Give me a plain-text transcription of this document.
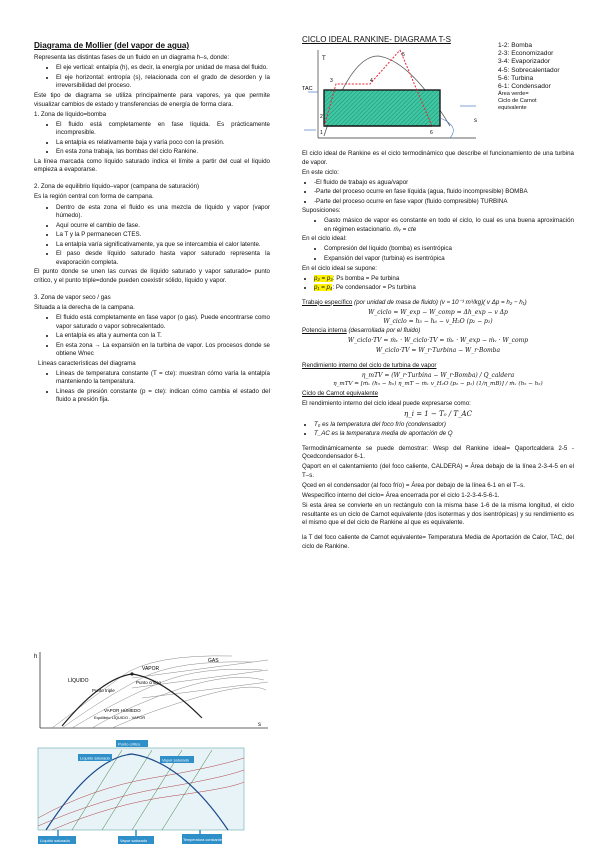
Diagrama de Mollier (del vapor de agua)

Representa las distintas fases de un fluido en un diagrama h–s, donde:

• El eje vertical: entalpía (h), es decir, la energía por unidad de masa del fluido.
• El eje horizontal: entropía (s), relacionada con el grado de desorden y la irreversibilidad del proceso.

Este tipo de diagrama se utiliza principalmente para vapores, ya que permite visualizar cambios de estado y transferencias de energía de forma clara.

1. Zona de líquido=bomba

• El fluido está completamente en fase líquida. Es prácticamente incompresible.
• La entalpía es relativamente baja y varía poco con la presión.
• En esta zona trabaja, las bombas del ciclo Rankine.

La línea marcada como líquido saturado indica el límite a partir del cual el líquido empieza a evaporarse.

2. Zona de equilibrio líquido–vapor (campana de saturación)

Es la región central con forma de campana.

• Dentro de esta zona el fluido es una mezcla de líquido y vapor (vapor húmedo).
• Aquí ocurre el cambio de fase.
• La T y la P permanecen CTES.
• La entalpía varía significativamente, ya que se intercambia el calor latente.
• El paso desde líquido saturado hasta vapor saturado representa la evaporación completa.

El punto donde se unen las curvas de líquido saturado y vapor saturado= punto crítico, y el punto triple=donde pueden coexistir sólido, líquido y vapor.

3. Zona de vapor seco / gas

Situada a la derecha de la campana.

• El fluido está completamente en fase vapor (o gas). Puede encontrarse como vapor saturado o vapor sobrecalentado.
• La entalpía es alta y aumenta con la T.
• En esta zona → La expansión en la turbina de vapor. Los procesos donde se obtiene Wnec

Líneas características del diagrama

• Líneas de temperatura constante (T = cte): muestran cómo varía la entalpía manteniendo la temperatura.
• Líneas de presión constante (p = cte): indican cómo cambia el estado del fluido a presión fija.
h
s
LÍQUIDO
VAPOR
GAS
Punto crítico
Punto triple
VAPOR HÚMEDO
Equilibrio LÍQUIDO - VAPOR
Punto crítico
Líquido saturado	Vapor saturado
Líquido saturado	Vapor saturado	Temperatura constante
CICLO IDEAL RANKINE- DIAGRAMA T-S
T
s
TAC
1
2
3	4
5
6

1-2: Bomba

2-3: Economizador

3-4: Evaporizador

4-5: Sobrecalentador

5-6: Turbina

6-1: Condensador

Área verde=

Ciclo de Carnot

equivalente

El ciclo ideal de Rankine es el ciclo termodinámico que describe el funcionamiento de una turbina de vapor.

En este ciclo:

• -El fluido de trabajo es agua/vapor
• -Parte del proceso ocurre en fase líquida (agua, fluido incompresible) BOMBA
• -Parte del proceso ocurre en fase vapor (fluido compresible) TURBINA

Suposiciones:

• Gasto másico de vapor es constante en todo el ciclo, lo cual es una buena aproximación en régimen estacionario. ṁᵥ = cte

En el ciclo ideal:

• Compresión del líquido (bomba) es isentrópica
• Expansión del vapor (turbina) es isentrópica

En el ciclo ideal se supone:

• p₂ = p₃: Ps bomba = Pe turbina
• p₁ = p₄: Pe condensador = Ps turbina

Trabajo específico (por unidad de masa de fluido) (v ≈ 10⁻³ m³/kg)( v Δp = h₂ − h₁)

W_ciclo = W_exp − W_comp = Δh_exp − v Δp

W_ciclo = h₅ − h₆ − v_H₂O (p₂ − p₁)

Potencia interna (desarrollada por el fluido)

W_ciclo·TV = ṁᵥ · W_ciclo·TV = ṁᵥ · W_exp − ṁᵥ · W_comp

W_ciclo·TV = W_r·Turbina − W_r·Bomba

Rendimiento interno del ciclo de turbina de vapor

η_mTV = (W_r·Turbina − W_r·Bomba) / Q_caldera

η_mTV = [ṁᵥ (h₅ − h₆) η_mT − ṁᵥ v_H₂O (p₂ − p₁) (1/η_mB)] / ṁᵥ (h₅ − h₂)

Ciclo de Carnot equivalente

El rendimiento interno del ciclo ideal puede expresarse como:

η_i = 1 − T₀ / T_AC

• T₀ es la temperatura del foco frío (condensador)
• T_AC es la temperatura media de aportación de Q

Termodinámicamente se puede demostrar: Wesp del Rankine ideal= Qaportcaldera 2-5 -Qcedcondensador 6-1.

Qaport en el calentamiento (del foco caliente, CALDERA) = Área debajo de la línea 2-3-4-5 en el T–s.

Qced en el condensador (al foco frío) = Área por debajo de la línea 6-1 en el T–s.

Wespecífico interno del ciclo= Área encerrada por el ciclo 1-2-3-4-5-6-1.

Si esta área se convierte en un rectángulo con la misma base 1-6 de la misma longitud, el ciclo resultante es un ciclo de Carnot equivalente (dos isotermas y dos isentrópicas) y su rendimiento es el mismo que el del ciclo de Rankine al que es equivalente.

la T del foco caliente de Carnot equivalente= Temperatura Media de Aportación de Calor, TAC, del ciclo de Rankine.
